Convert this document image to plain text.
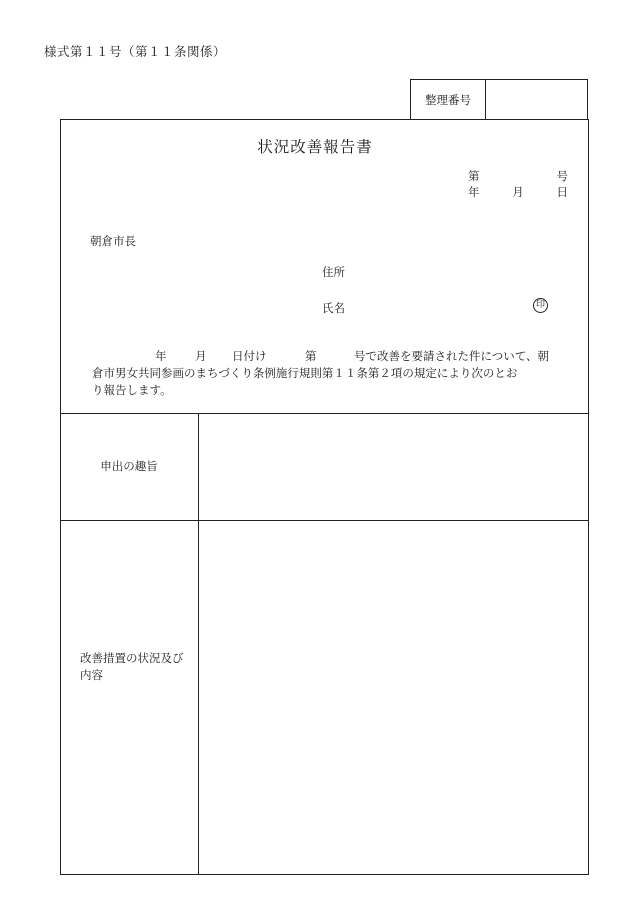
様式第１１号（第１１条関係）
整理番号
状況改善報告書
第	号
年	月	日
朝倉市長
住所
氏名	印
年 月 日付け	第	号で改善を要請された件について、朝
倉市男女共同参画のまちづくり条例施行規則第１１条第２項の規定により次のとお
り報告します。
申出の趣旨
改善措置の状況及び内容
